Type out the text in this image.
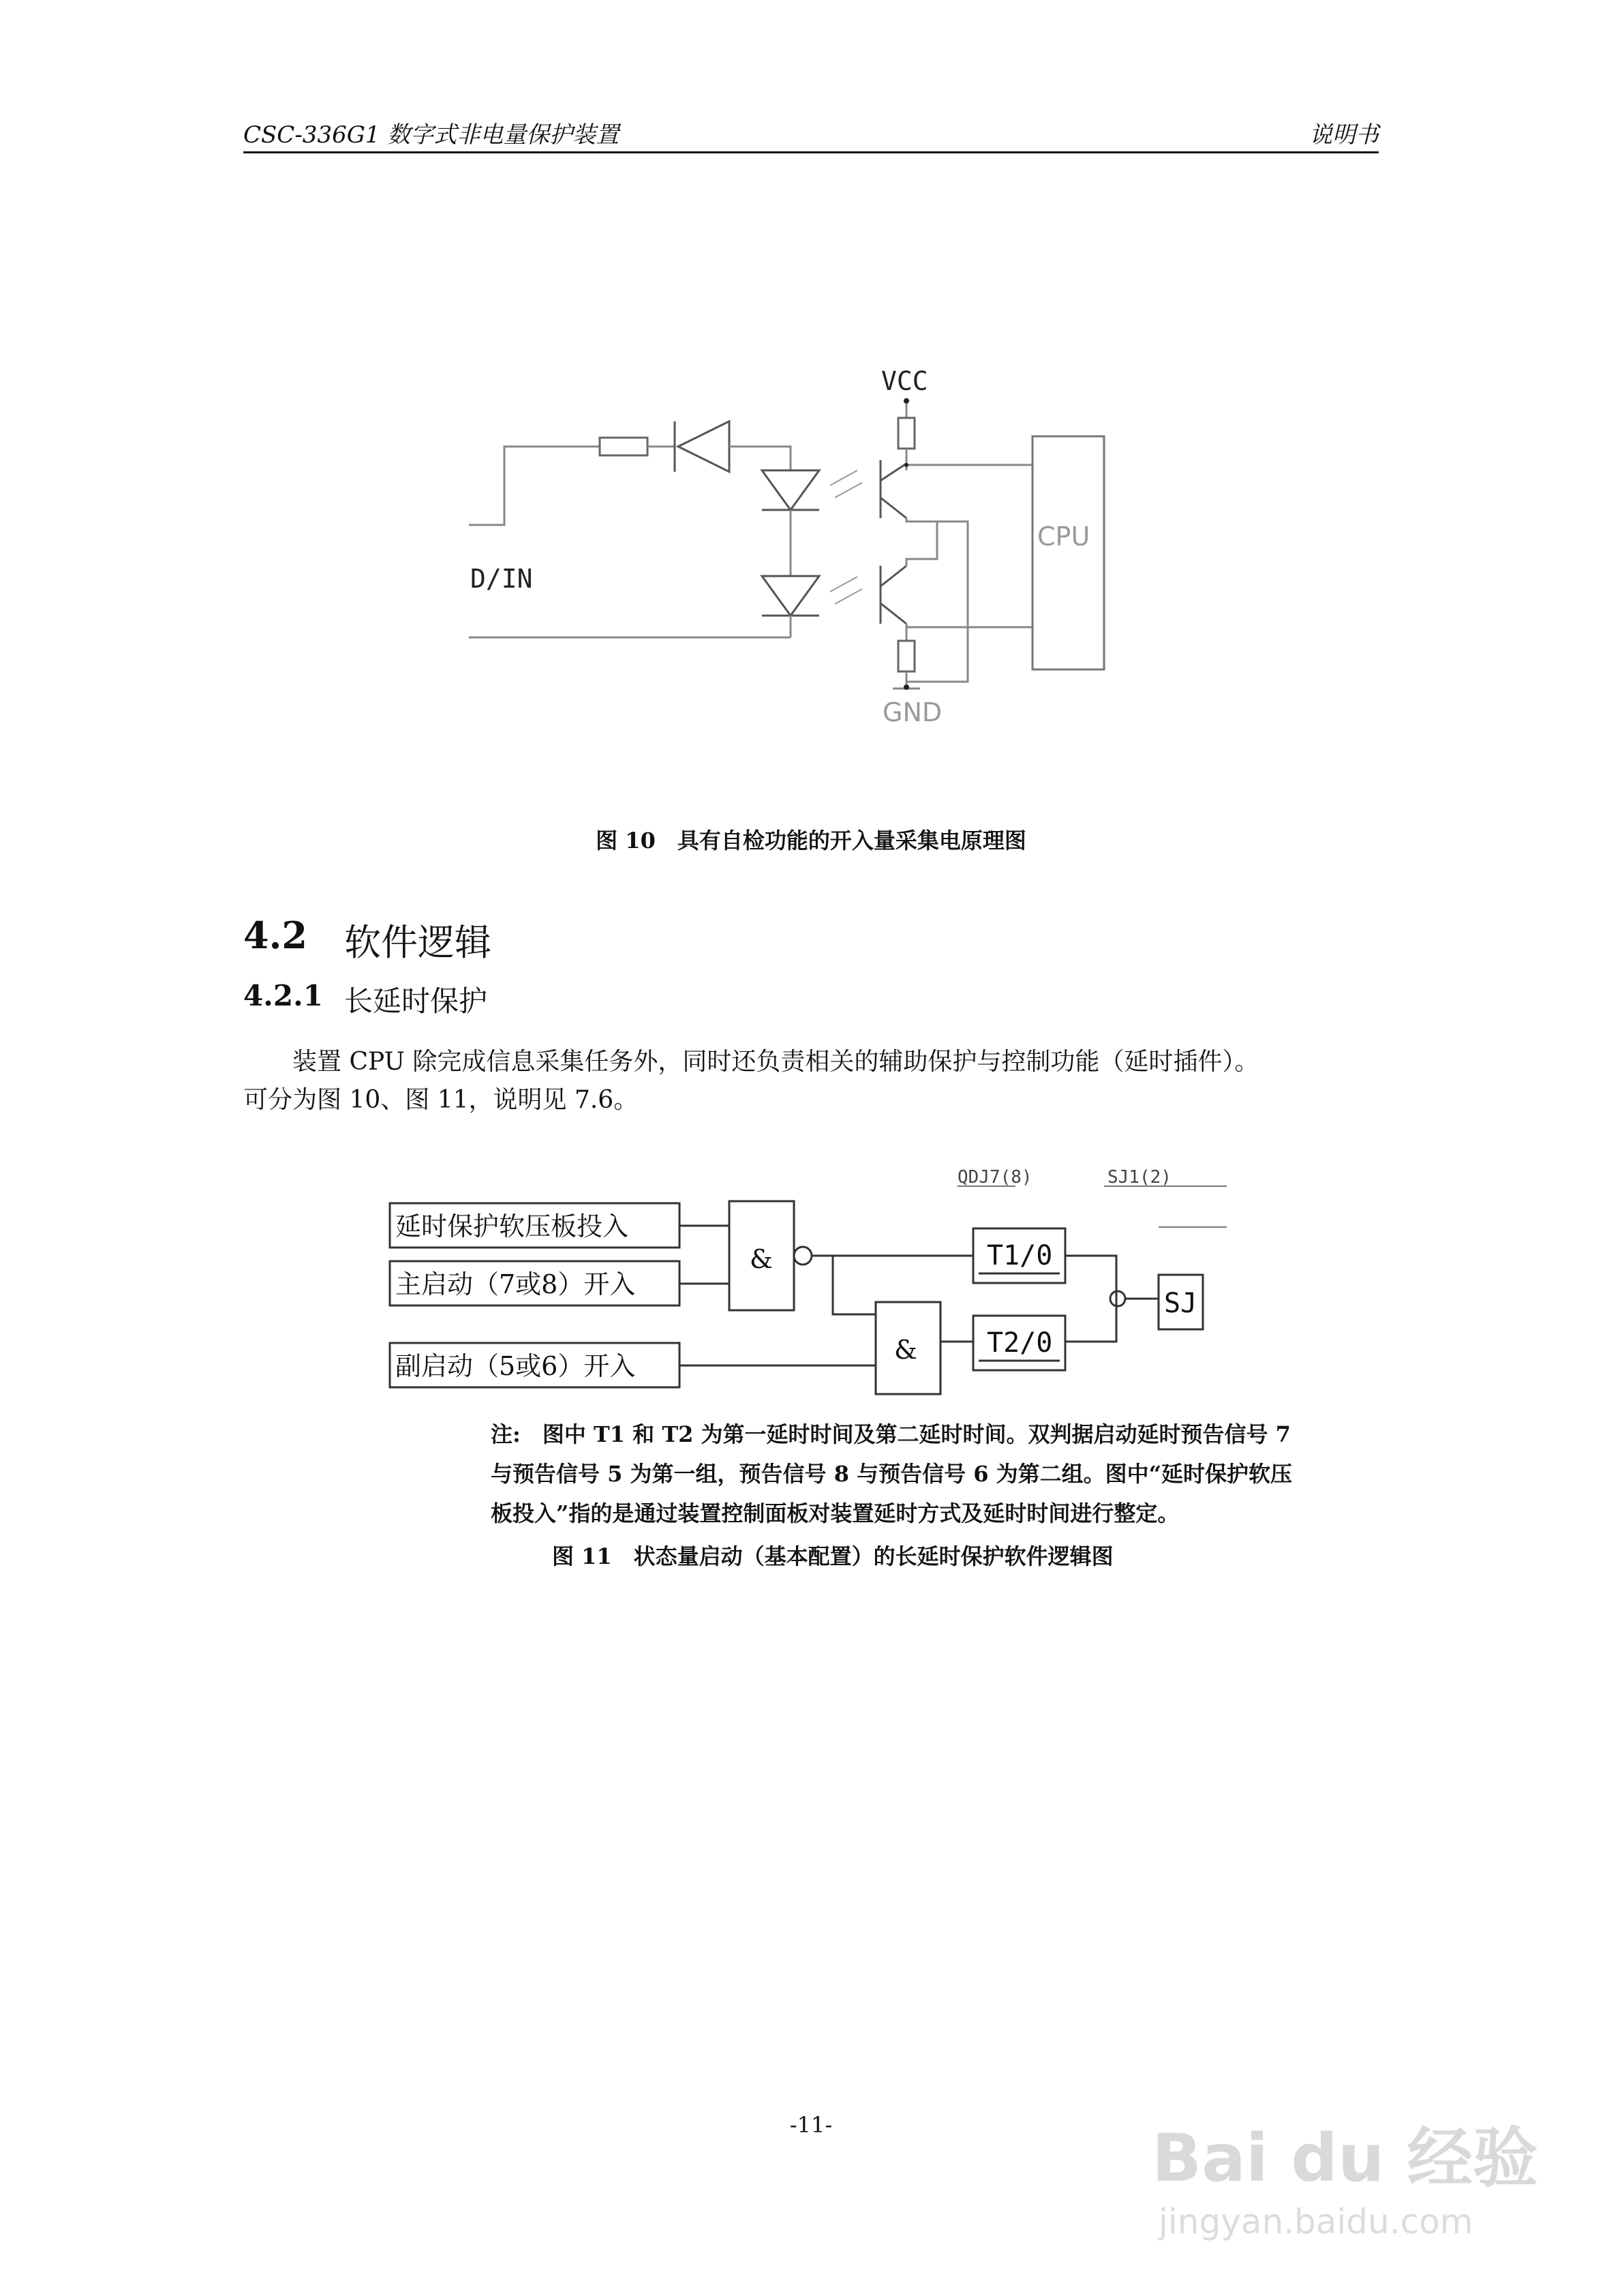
CSC-336G1 数字式非电量保护装置	说明书
VCC
D/IN
CPU
GND
图 10　具有自检功能的开入量采集电原理图
4.2 软件逻辑
4.2.1 长延时保护
装置 CPU 除完成信息采集任务外，同时还负责相关的辅助保护与控制功能（延时插件）。
可分为图 10、图 11，说明见 7.6。
延时保护软压板投入
主启动（7或8）开入
副启动（5或6）开入
&
&
T1/0
T2/0
SJ
QDJ7(8)	SJ1(2)
注:　图中 T1 和 T2 为第一延时时间及第二延时时间。双判据启动延时预告信号 7
与预告信号 5 为第一组，预告信号 8 与预告信号 6 为第二组。图中“延时保护软压
板投入”指的是通过装置控制面板对装置延时方式及延时时间进行整定。
图 11　状态量启动（基本配置）的长延时保护软件逻辑图
-11-	Bai du 经验
jingyan.baidu.com
